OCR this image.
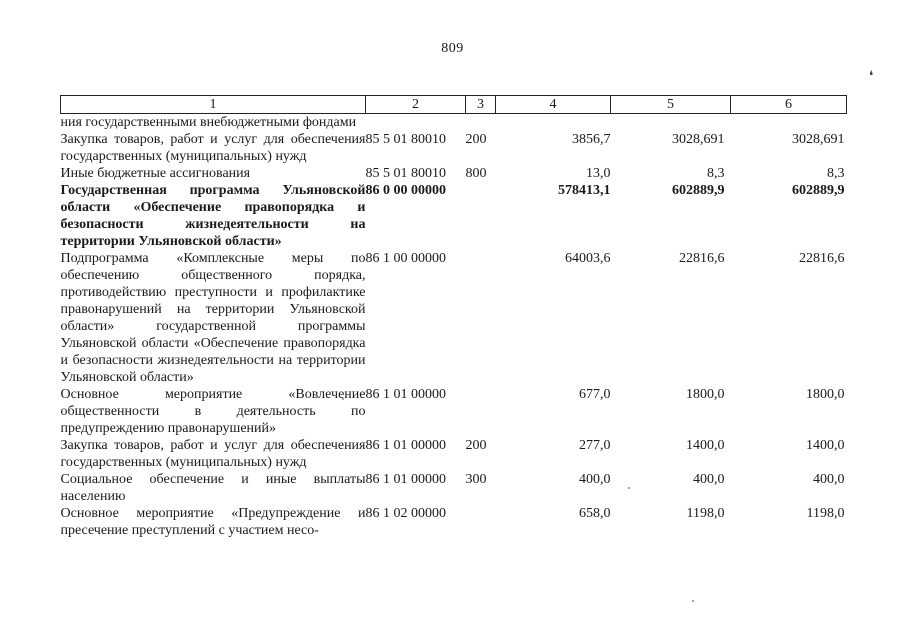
809
❛
1	2	3	4	5	6
ния государственными внебюджетными фондами					
Закупка товаров, работ и услуг для обеспечения государственных (муниципальных) нужд	85 5 01 80010	200	3856,7	3028,691	3028,691
Иные бюджетные ассигнования	85 5 01 80010	800	13,0	8,3	8,3
Государственная программа Ульяновской области «Обеспечение правопорядка и безопасности жизнедеятельности на территории Ульяновской области»	86 0 00 00000		578413,1	602889,9	602889,9
Подпрограмма «Комплексные меры по обеспечению общественного порядка, противодействию преступности и профилактике правонарушений на территории Ульяновской области» государственной программы Ульяновской области «Обеспечение правопорядка и безопасности жизнедеятельности на территории Ульяновской области»	86 1 00 00000		64003,6	22816,6	22816,6
Основное мероприятие «Вовлечение общественности в деятельность по предупреждению правонарушений»	86 1 01 00000		677,0	1800,0	1800,0
Закупка товаров, работ и услуг для обеспечения государственных (муниципальных) нужд	86 1 01 00000	200	277,0	1400,0	1400,0
Социальное обеспечение и иные выплаты населению	86 1 01 00000	300	400,0	400,0	400,0
Основное мероприятие «Предупреждение и пресечение преступлений с участием несо-	86 1 02 00000		658,0	1198,0	1198,0
